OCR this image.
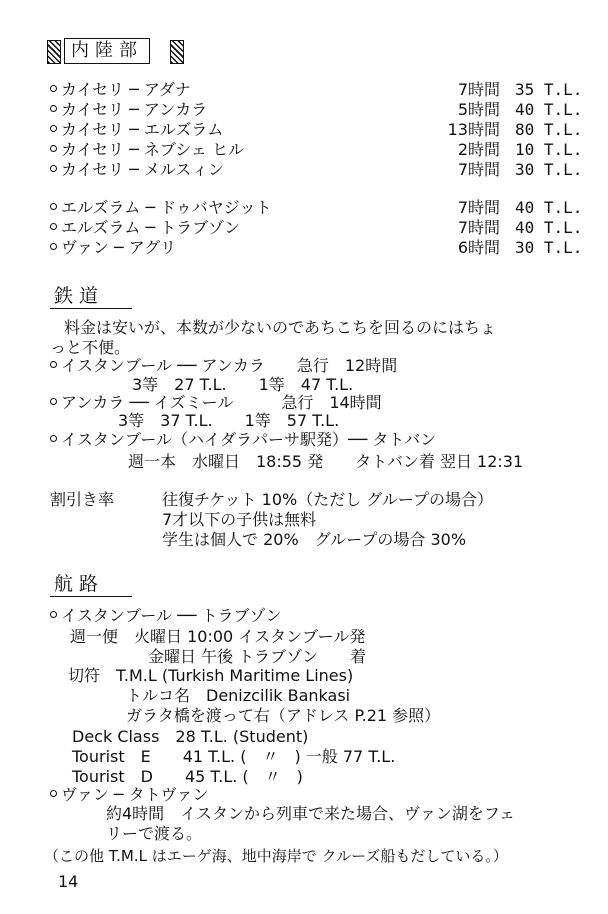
内陸部
カイセリ ─ アダナ	7時間 35 T.L.
カイセリ ─ アンカラ	5時間 40 T.L.
カイセリ ─ エルズラム	13時間 80 T.L.
カイセリ ─ ネブシェ ヒル	2時間 10 T.L.
カイセリ ─ メルスィン	7時間 30 T.L.
エルズラム ─ ドゥバヤジット	7時間 40 T.L.
エルズラム ─ トラブゾン	7時間 40 T.L.
ヴァン ─ アグリ	6時間 30 T.L.
鉄 道
料金は安いが、本数が少ないのであちこちを回るのにはちょ
っと不便。
イスタンブール ── アンカラ　　急行　12時間
3等　27 T.L.　　1等　47 T.L.
アンカラ ── イズミール　　　急行　14時間
3等　37 T.L.　　1等　57 T.L.
イスタンブール（ハイダラパーサ駅発）── タトバン
週一本　水曜日　18:55 発　　タトバン着 翌日 12:31
割引き率	往復チケット 10%（ただし グループの場合）
7才以下の子供は無料
学生は個人で 20%　グループの場合 30%
航 路
イスタンブール ── トラブゾン
週一便　火曜日 10:00 イスタンブール発
金曜日 午後 トラブゾン　　着
切符　T.M.L (Turkish Maritime Lines)
トルコ名　Denizcilik Bankasi
ガラタ橋を渡って右（アドレス P.21 参照）
Deck Class　28 T.L. (Student)
Tourist　E　　41 T.L. (　〃　) 一般 77 T.L.
Tourist　D　　45 T.L. (　〃　)
ヴァン ─ タトヴァン
約4時間　イスタンから列車で来た場合、ヴァン湖をフェ
リーで渡る。
（この他 T.M.L はエーゲ海、地中海岸で クルーズ船もだしている。）
14
